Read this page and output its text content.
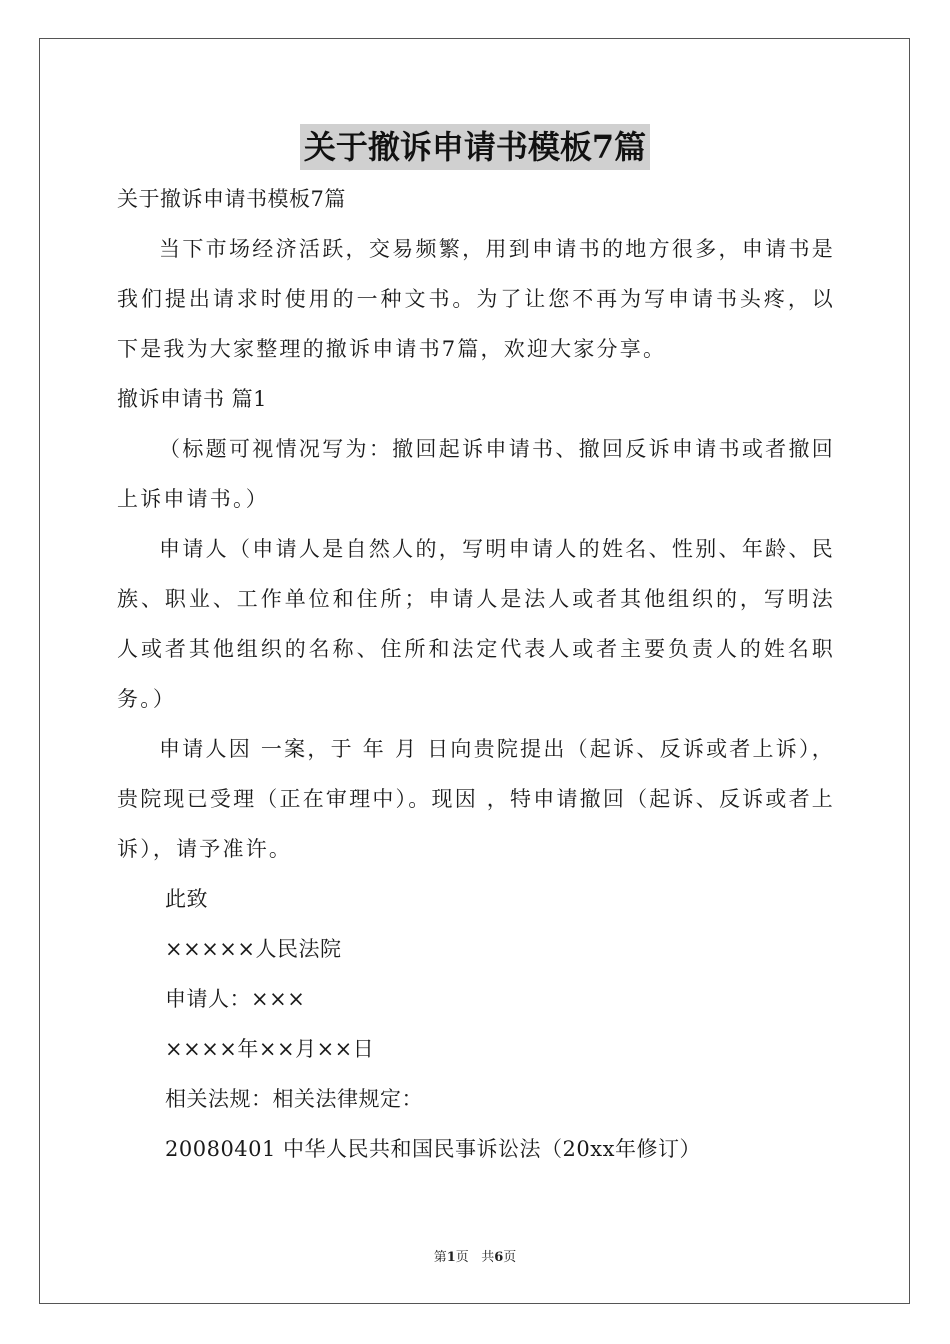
关于撤诉申请书模板7篇
关于撤诉申请书模板7篇
当下市场经济活跃，交易频繁，用到申请书的地方很多，申请书是我们提出请求时使用的一种文书。为了让您不再为写申请书头疼，以下是我为大家整理的撤诉申请书7篇，欢迎大家分享。
撤诉申请书 篇1
（标题可视情况写为：撤回起诉申请书、撤回反诉申请书或者撤回上诉申请书。）
申请人（申请人是自然人的，写明申请人的姓名、性别、年龄、民族、职业、工作单位和住所；申请人是法人或者其他组织的，写明法人或者其他组织的名称、住所和法定代表人或者主要负责人的姓名职务。）
申请人因 一案，于 年 月 日向贵院提出（起诉、反诉或者上诉），贵院现已受理（正在审理中）。现因 ，特申请撤回（起诉、反诉或者上诉），请予准许。
此致
×××××人民法院
申请人：×××
××××年××月××日
相关法规：相关法律规定：
20080401 中华人民共和国民事诉讼法（20xx年修订）
第1页 共6页
